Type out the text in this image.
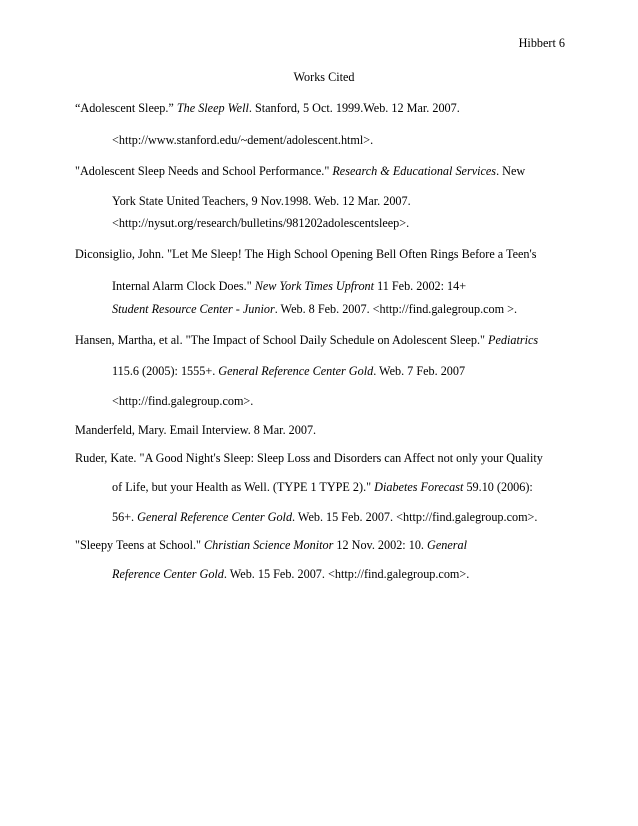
Hibbert 6
Works Cited
“Adolescent Sleep.” The Sleep Well. Stanford, 5 Oct. 1999.Web. 12 Mar. 2007.
<http://www.stanford.edu/~dement/adolescent.html>.
"Adolescent Sleep Needs and School Performance." Research & Educational Services. New
York State United Teachers, 9 Nov.1998. Web. 12 Mar. 2007.
<http://nysut.org/research/bulletins/981202adolescentsleep>.
Diconsiglio, John. "Let Me Sleep! The High School Opening Bell Often Rings Before a Teen's
Internal Alarm Clock Does." New York Times Upfront 11 Feb. 2002: 14+
Student Resource Center - Junior. Web. 8 Feb. 2007. <http://find.galegroup.com >.
Hansen, Martha, et al. "The Impact of School Daily Schedule on Adolescent Sleep." Pediatrics
115.6 (2005): 1555+. General Reference Center Gold. Web. 7 Feb. 2007
<http://find.galegroup.com>.
Manderfeld, Mary. Email Interview. 8 Mar. 2007.
Ruder, Kate. "A Good Night's Sleep: Sleep Loss and Disorders can Affect not only your Quality
of Life, but your Health as Well. (TYPE 1 TYPE 2)." Diabetes Forecast 59.10 (2006):
56+. General Reference Center Gold. Web. 15 Feb. 2007. <http://find.galegroup.com>.
"Sleepy Teens at School." Christian Science Monitor 12 Nov. 2002: 10. General
Reference Center Gold. Web. 15 Feb. 2007. <http://find.galegroup.com>.
